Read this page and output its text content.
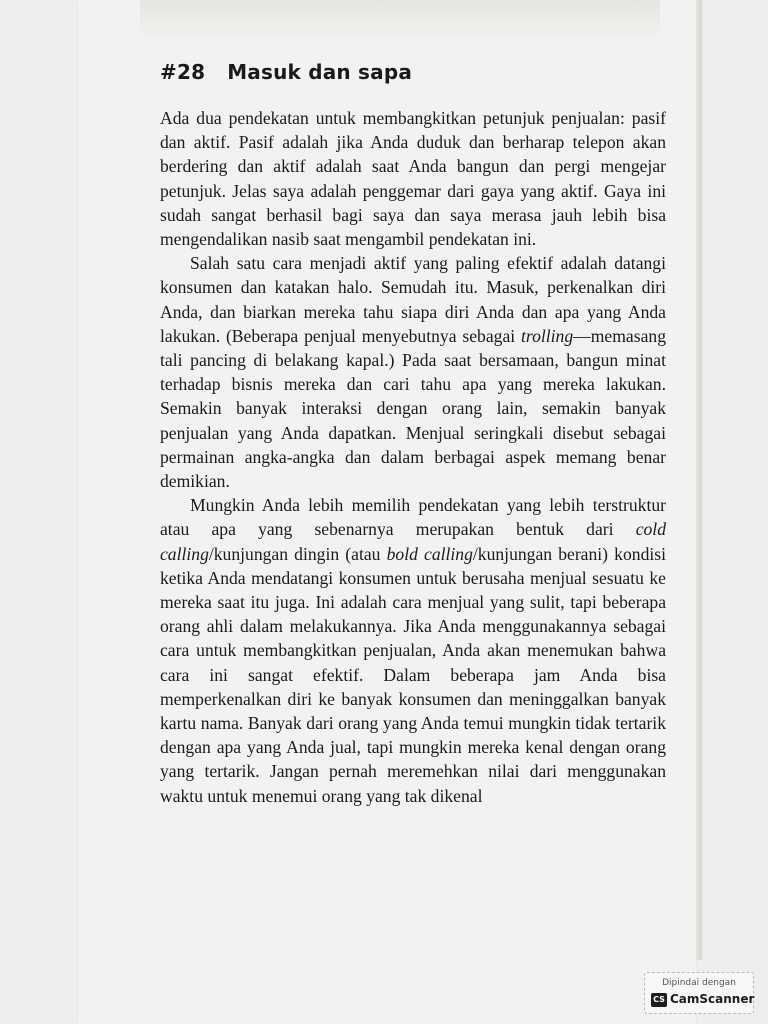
#28 Masuk dan sapa

Ada dua pendekatan untuk membangkitkan petunjuk penjualan: pasif dan aktif. Pasif adalah jika Anda duduk dan berharap telepon akan berdering dan aktif adalah saat Anda bangun dan pergi mengejar petunjuk. Jelas saya adalah penggemar dari gaya yang aktif. Gaya ini sudah sangat berhasil bagi saya dan saya merasa jauh lebih bisa mengendalikan nasib saat mengambil pendekatan ini.

Salah satu cara menjadi aktif yang paling efektif adalah datangi konsumen dan katakan halo. Semudah itu. Masuk, perkenalkan diri Anda, dan biarkan mereka tahu siapa diri Anda dan apa yang Anda lakukan. (Beberapa penjual menyebutnya sebagai trolling—memasang tali pancing di belakang kapal.) Pada saat bersamaan, bangun minat terhadap bisnis mereka dan cari tahu apa yang mereka lakukan. Semakin banyak interaksi dengan orang lain, semakin banyak penjualan yang Anda dapatkan. Menjual seringkali disebut sebagai permainan angka-angka dan dalam berbagai aspek memang benar demikian.

Mungkin Anda lebih memilih pendekatan yang lebih terstruktur atau apa yang sebenarnya merupakan bentuk dari cold calling/kunjungan dingin (atau bold calling/kunjungan berani) kondisi ketika Anda mendatangi konsumen untuk berusaha menjual sesuatu ke mereka saat itu juga. Ini adalah cara menjual yang sulit, tapi beberapa orang ahli dalam melakukannya. Jika Anda menggunakannya sebagai cara untuk membangkitkan penjualan, Anda akan menemukan bahwa cara ini sangat efektif. Dalam beberapa jam Anda bisa memperkenalkan diri ke banyak konsumen dan meninggalkan banyak kartu nama. Banyak dari orang yang Anda temui mungkin tidak tertarik dengan apa yang Anda jual, tapi mungkin mereka kenal dengan orang yang tertarik. Jangan pernah meremehkan nilai dari menggunakan waktu untuk menemui orang yang tak dikenal

Dipindai dengan
CS CamScanner
